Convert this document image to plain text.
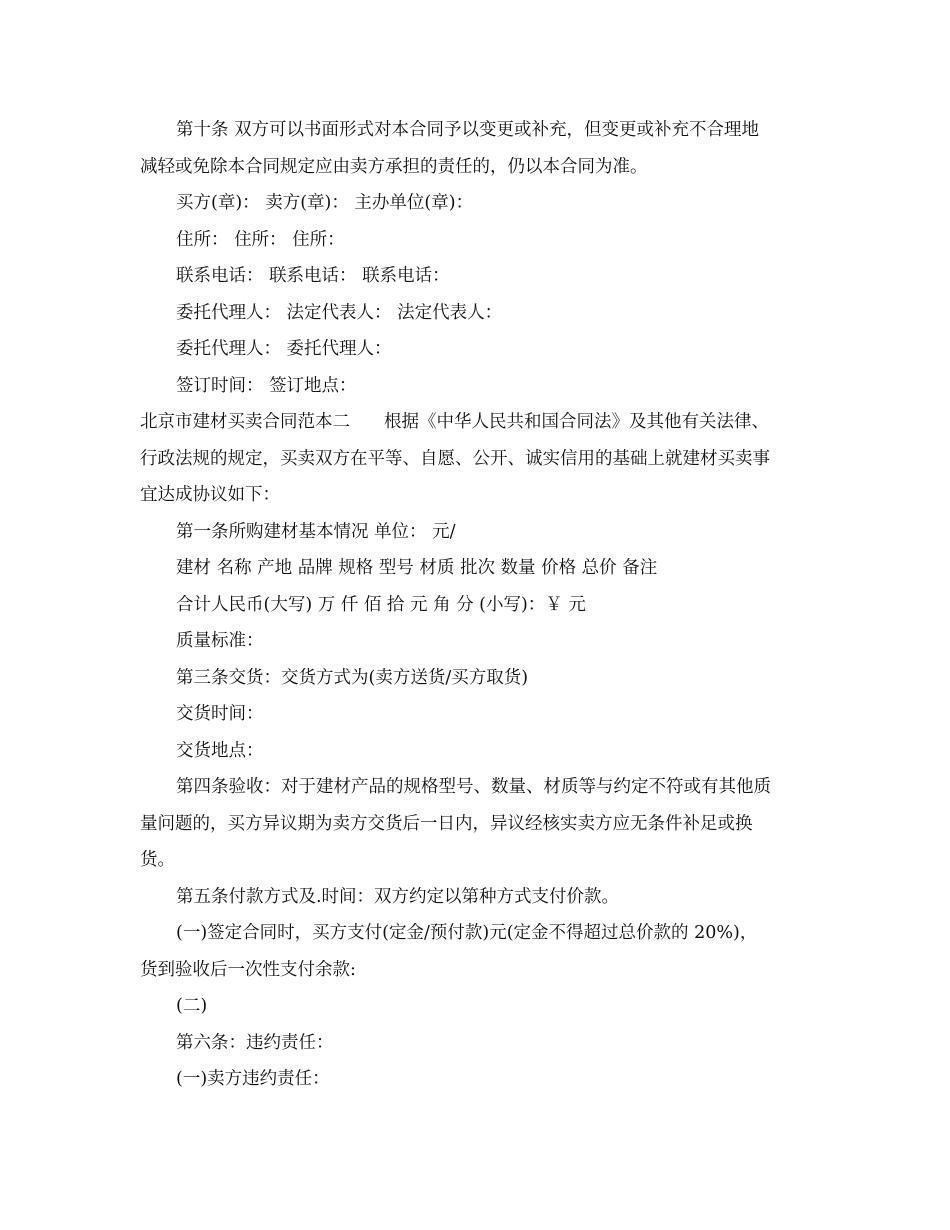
第十条 双方可以书面形式对本合同予以变更或补充，但变更或补充不合理地

减轻或免除本合同规定应由卖方承担的责任的，仍以本合同为准。

买方(章)： 卖方(章)： 主办单位(章)：

住所： 住所： 住所：

联系电话： 联系电话： 联系电话：

委托代理人： 法定代表人： 法定代表人：

委托代理人： 委托代理人：

签订时间： 签订地点：

北京市建材买卖合同范本二 根据《中华人民共和国合同法》及其他有关法律、

行政法规的规定，买卖双方在平等、自愿、公开、诚实信用的基础上就建材买卖事

宜达成协议如下：

第一条所购建材基本情况 单位： 元/

建材 名称 产地 品牌 规格 型号 材质 批次 数量 价格 总价 备注

合计人民币(大写) 万 仟 佰 拾 元 角 分 (小写)：￥ 元

质量标准：

第三条交货：交货方式为(卖方送货/买方取货)

交货时间：

交货地点：

第四条验收：对于建材产品的规格型号、数量、材质等与约定不符或有其他质

量问题的，买方异议期为卖方交货后一日内，异议经核实卖方应无条件补足或换

货。

第五条付款方式及.时间：双方约定以第种方式支付价款。

(一)签定合同时，买方支付(定金/预付款)元(定金不得超过总价款的 20%)，

货到验收后一次性支付余款:

(二)

第六条：违约责任：

(一)卖方违约责任：
